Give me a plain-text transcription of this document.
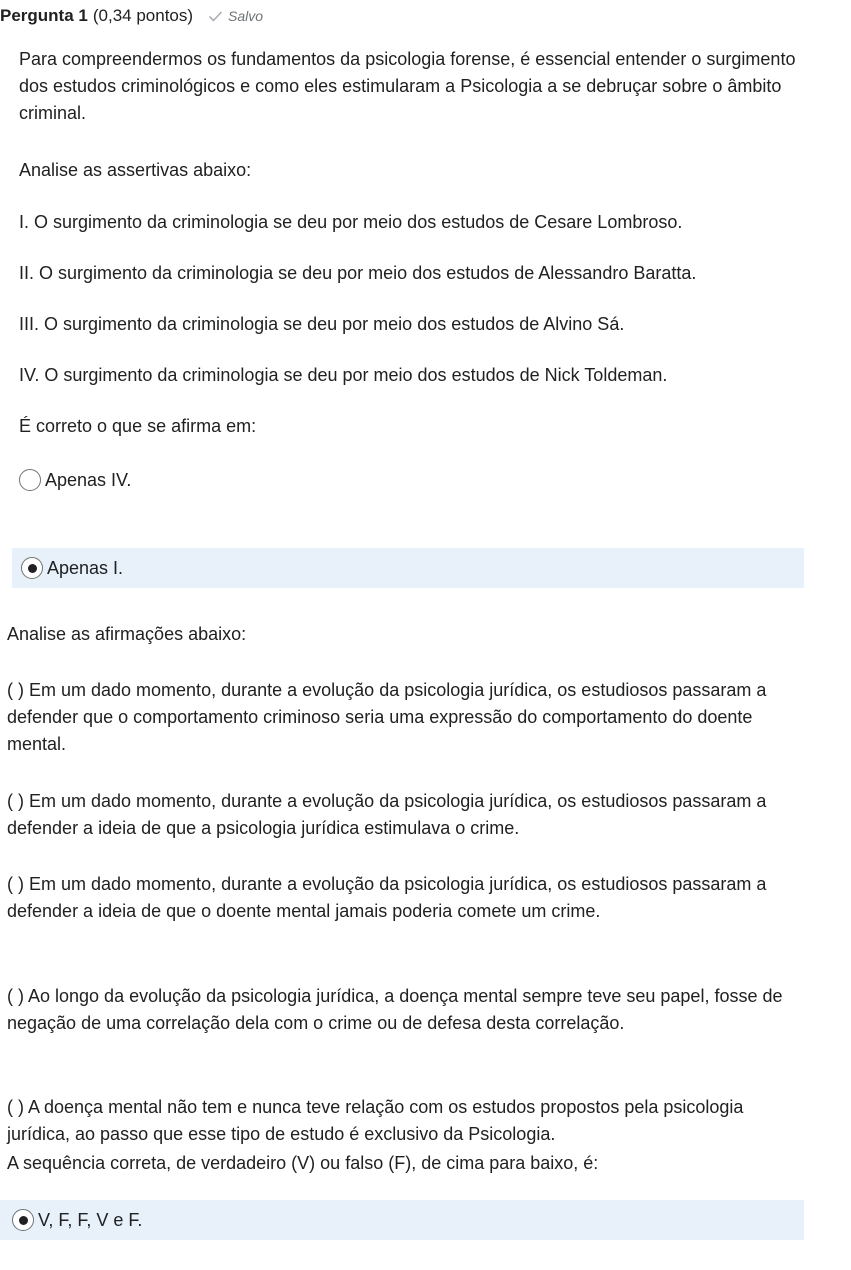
Pergunta 1 (0,34 pontos)	Salvo

Para compreendermos os fundamentos da psicologia forense, é essencial entender o surgimento dos estudos criminológicos e como eles estimularam a Psicologia a se debruçar sobre o âmbito criminal.

Analise as assertivas abaixo:

I. O surgimento da criminologia se deu por meio dos estudos de Cesare Lombroso.

II. O surgimento da criminologia se deu por meio dos estudos de Alessandro Baratta.

III. O surgimento da criminologia se deu por meio dos estudos de Alvino Sá.

IV. O surgimento da criminologia se deu por meio dos estudos de Nick Toldeman.

É correto o que se afirma em:

Apenas IV.
Apenas I.

Analise as afirmações abaixo:

( ) Em um dado momento, durante a evolução da psicologia jurídica, os estudiosos passaram a defender que o comportamento criminoso seria uma expressão do comportamento do doente mental.

( ) Em um dado momento, durante a evolução da psicologia jurídica, os estudiosos passaram a defender a ideia de que a psicologia jurídica estimulava o crime.

( ) Em um dado momento, durante a evolução da psicologia jurídica, os estudiosos passaram a defender a ideia de que o doente mental jamais poderia comete um crime.

( ) Ao longo da evolução da psicologia jurídica, a doença mental sempre teve seu papel, fosse de negação de uma correlação dela com o crime ou de defesa desta correlação.

( ) A doença mental não tem e nunca teve relação com os estudos propostos pela psicologia jurídica, ao passo que esse tipo de estudo é exclusivo da Psicologia.

A sequência correta, de verdadeiro (V) ou falso (F), de cima para baixo, é:

V, F, F, V e F.
